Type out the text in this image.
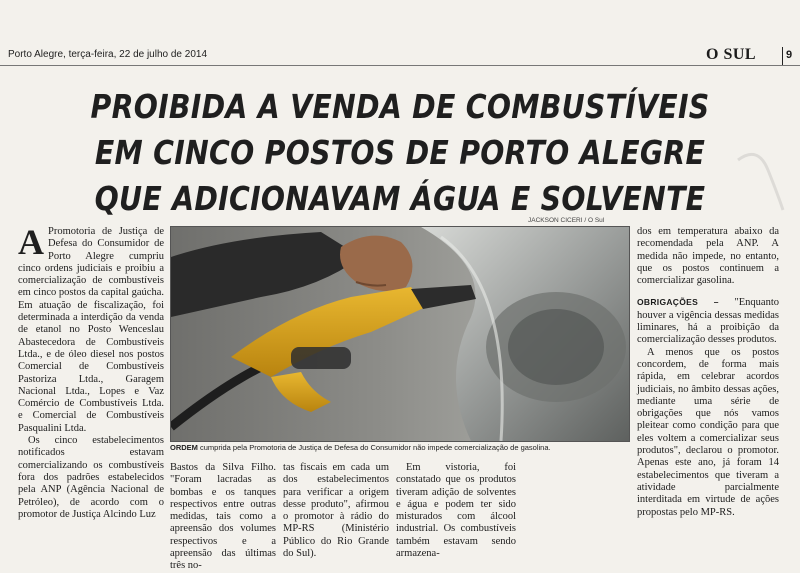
Porto Alegre, terça-feira, 22 de julho de 2014	O SUL	9
PROIBIDA A VENDA DE COMBUSTÍVEIS EM CINCO POSTOS DE PORTO ALEGRE QUE ADICIONAVAM ÁGUA E SOLVENTE

A Promotoria de Justiça de Defesa do Consumidor de Porto Alegre cumpriu cinco ordens judiciais e proibiu a comercialização de combustíveis em cinco postos da capital gaúcha. Em atuação de fiscalização, foi determinada a interdição da venda de etanol no Posto Wenceslau Abastecedora de Combustíveis Ltda., e de óleo diesel nos postos Comercial de Combustíveis Pastoriza Ltda., Garagem Nacional Ltda., Lopes e Vaz Comércio de Combustíveis Ltda. e Comercial de Combustíveis Pasqualini Ltda.

Os cinco estabelecimentos notificados estavam comercializando os combustíveis fora dos padrões estabelecidos pela ANP (Agência Nacional de Petróleo), de acordo com o promotor de Justiça Alcindo Luz

JACKSON CICERI / O Sul
ORDEM cumprida pela Promotoria de Justiça de Defesa do Consumidor não impede comercialização de gasolina.

Bastos da Silva Filho. "Foram lacradas as bombas e os tanques respectivos entre outras medidas, tais como a apreensão dos volumes respectivos e a apreensão das últimas três no-

tas fiscais em cada um dos estabelecimentos para verificar a origem desse produto", afirmou o promotor à rádio do MP-RS (Ministério Público do Rio Grande do Sul).

Em vistoria, foi constatado que os produtos tiveram adição de solventes e água e podem ter sido misturados com álcool industrial. Os combustíveis também estavam sendo armazena-

dos em temperatura abaixo da recomendada pela ANP. A medida não impede, no entanto, que os postos continuem a comercializar gasolina.

OBRIGAÇÕES – "Enquanto houver a vigência dessas medidas liminares, há a proibição da comercialização desses produtos.

A menos que os postos concordem, de forma mais rápida, em celebrar acordos judiciais, no âmbito dessas ações, mediante uma série de obrigações que nós vamos pleitear como condição para que eles voltem a comercializar seus produtos", declarou o promotor. Apenas este ano, já foram 14 estabelecimentos que tiveram a atividade parcialmente interditada em virtude de ações propostas pelo MP-RS.
